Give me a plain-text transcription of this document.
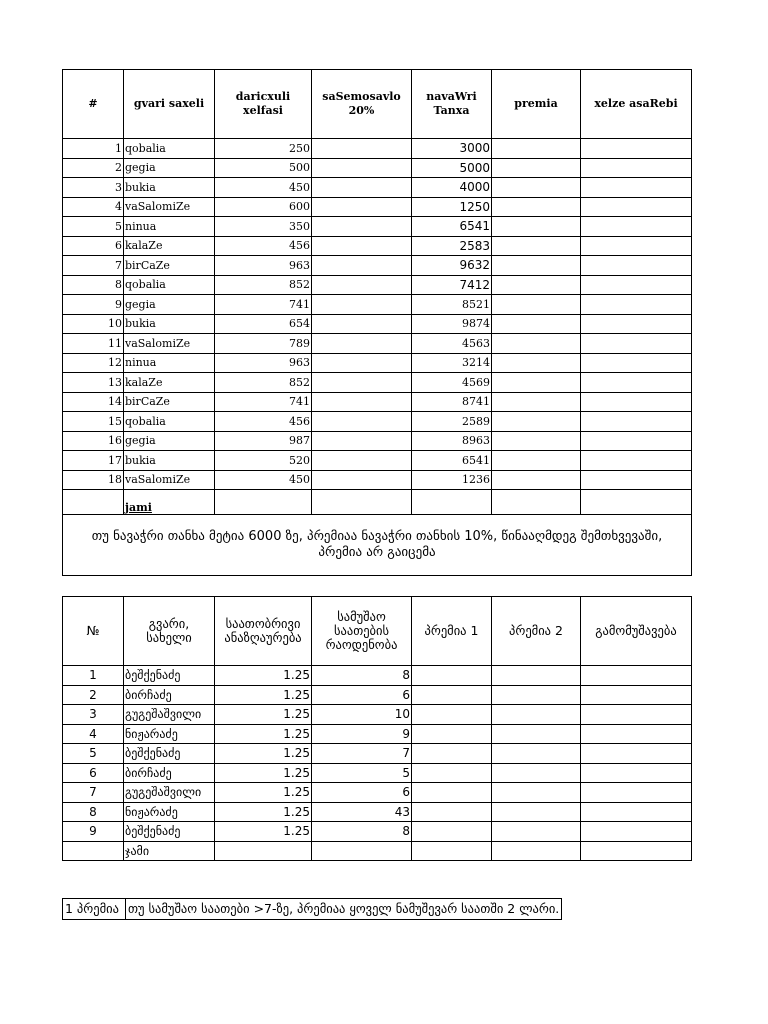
#	gvari saxeli	daricxuli xelfasi	saSemosavlo 20%	navaWri Tanxa	premia	xelze asaRebi
1	qobalia	250		3000		
2	gegia	500		5000		
3	bukia	450		4000		
4	vaSalomiZe	600		1250		
5	ninua	350		6541		
6	kalaZe	456		2583		
7	birCaZe	963		9632		
8	qobalia	852		7412		
9	gegia	741		8521		
10	bukia	654		9874		
11	vaSalomiZe	789		4563		
12	ninua	963		3214		
13	kalaZe	852		4569		
14	birCaZe	741		8741		
15	qobalia	456		2589		
16	gegia	987		8963		
17	bukia	520		6541		
18	vaSalomiZe	450		1236		
	jami					
თუ ნავაჭრი თანხა მეტია 6000 ზე, პრემიაა ნავაჭრი თანხის 10%, წინააღმდეგ შემთხვევაში, პრემია არ გაიცემა						
№	გვარი, სახელი	საათობრივი ანაზღაურება	სამუშაო საათების რაოდენობა	პრემია 1	პრემია 2	გამომუშავება
1	ბეშქენაძე	1.25	8			
2	ბირჩაძე	1.25	6			
3	გუგეშაშვილი	1.25	10			
4	ნიჟარაძე	1.25	9			
5	ბეშქენაძე	1.25	7			
6	ბირჩაძე	1.25	5			
7	გუგეშაშვილი	1.25	6			
8	ნიჟარაძე	1.25	43			
9	ბეშქენაძე	1.25	8			
	ჯამი					
1 პრემია თუ სამუშაო საათები >7-ზე, პრემიაა ყოველ ნამუშევარ საათში 2 ლარი.
